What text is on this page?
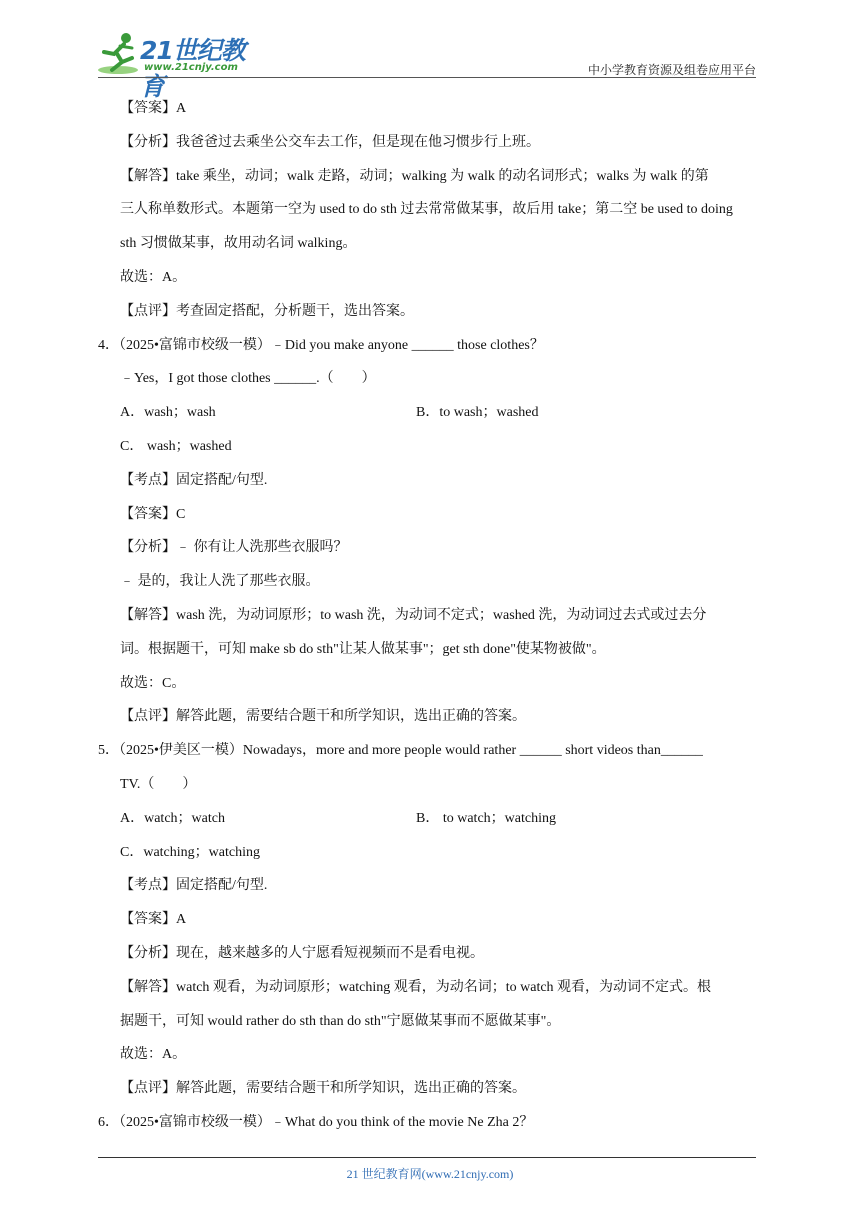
21世纪教育
www.21cnjy.com	中小学教育资源及组卷应用平台
【答案】A
【分析】我爸爸过去乘坐公交车去工作，但是现在他习惯步行上班。
【解答】take 乘坐，动词；walk 走路，动词；walking 为 walk 的动名词形式；walks 为 walk 的第
三人称单数形式。本题第一空为 used to do sth 过去常常做某事，故后用 take；第二空 be used to doing
sth 习惯做某事，故用动名词 walking。
故选：A。
【点评】考查固定搭配，分析题干，选出答案。
4．（2025•富锦市校级一模）﹣Did you make anyone ______ those clothes？
﹣Yes，I got those clothes ______.（　　）
A．wash；wash	B．to wash；washed
C． wash；washed
【考点】固定搭配/句型.
【答案】C
【分析】﹣ 你有让人洗那些衣服吗？
﹣ 是的，我让人洗了那些衣服。
【解答】wash 洗，为动词原形；to wash 洗，为动词不定式；washed 洗，为动词过去式或过去分
词。根据题干，可知 make sb do sth"让某人做某事"；get sth done"使某物被做"。
故选：C。
【点评】解答此题，需要结合题干和所学知识，选出正确的答案。
5．（2025•伊美区一模）Nowadays，more and more people would rather ______ short videos than______
TV.（　　）
A．watch；watch	B． to watch；watching
C．watching；watching
【考点】固定搭配/句型.
【答案】A
【分析】现在，越来越多的人宁愿看短视频而不是看电视。
【解答】watch 观看，为动词原形；watching 观看，为动名词；to watch 观看，为动词不定式。根
据题干，可知 would rather do sth than do sth"宁愿做某事而不愿做某事"。
故选：A。
【点评】解答此题，需要结合题干和所学知识，选出正确的答案。
6．（2025•富锦市校级一模）﹣What do you think of the movie Ne Zha 2？
21 世纪教育网(www.21cnjy.com)
